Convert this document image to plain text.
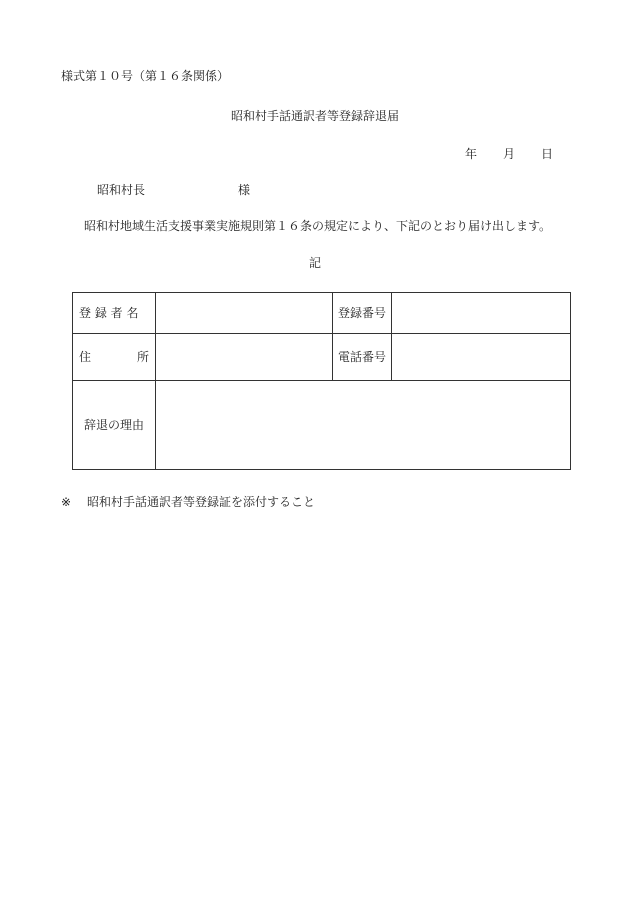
様式第１０号（第１６条関係）
昭和村手話通訳者等登録辞退届
年 月 日
昭和村長	様
昭和村地域生活支援事業実施規則第１６条の規定により、下記のとおり届け出します。
記
登 録 者 名		登録番号	

住 所		電話番号	
辞退の理由			
※ 昭和村手話通訳者等登録証を添付すること
